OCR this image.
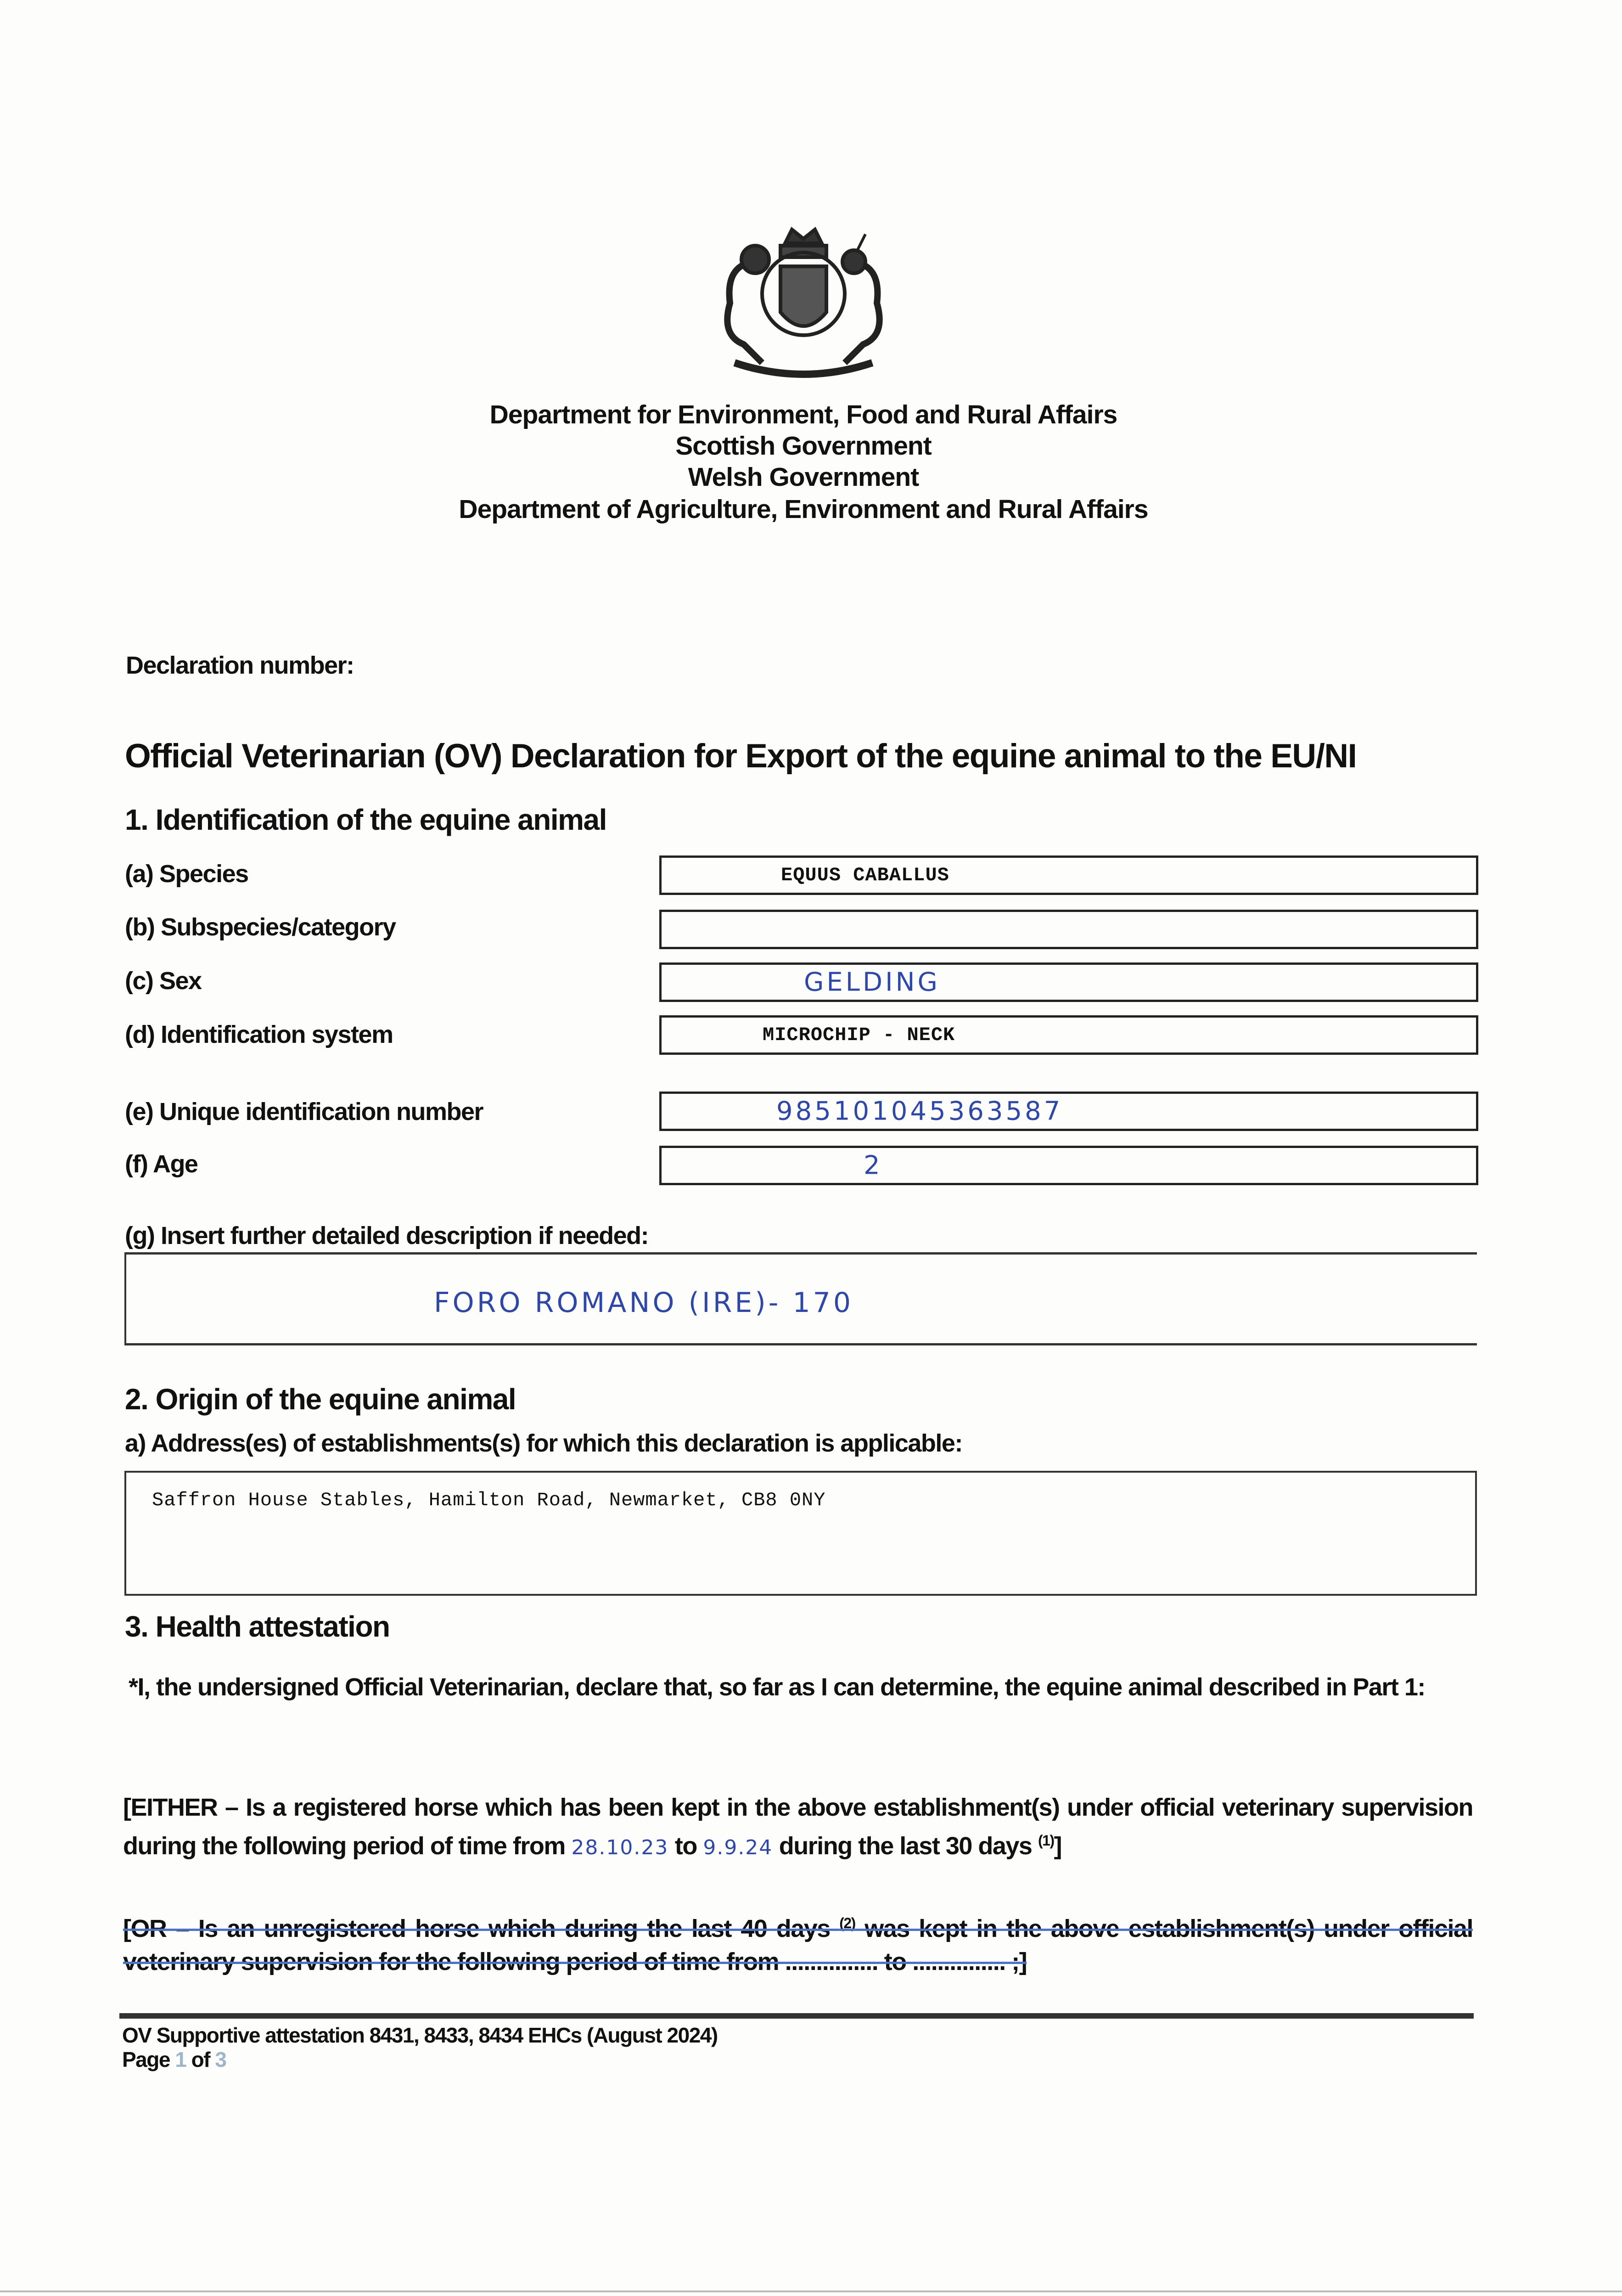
Department for Environment, Food and Rural Affairs
Scottish Government
Welsh Government
Department of Agriculture, Environment and Rural Affairs
Declaration number:
Official Veterinarian (OV) Declaration for Export of the equine animal to the EU/NI
1. Identification of the equine animal
(a) Species	EQUUS CABALLUS
(b) Subspecies/category
(c) Sex	GELDING
(d) Identification system	MICROCHIP - NECK
(e) Unique identification number	985101045363587
(f) Age	2
(g) Insert further detailed description if needed:
FORO ROMANO (IRE)- 170
2. Origin of the equine animal
a) Address(es) of establishments(s) for which this declaration is applicable:
Saffron House Stables, Hamilton Road, Newmarket, CB8 0NY
3. Health attestation
*I, the undersigned Official Veterinarian, declare that, so far as I can determine, the equine animal described in Part 1:
[EITHER – Is a registered horse which has been kept in the above establishment(s) under official veterinary supervision during the following period of time from 28.10.23 to 9.9.24 during the last 30 days $^{(1)}$]
[OR – Is an unregistered horse which during the last 40 days $^{(2)}$ was kept in the above establishment(s) under official veterinary supervision for the following period of time from ............... to ............... ;]
OV Supportive attestation 8431, 8433, 8434 EHCs (August 2024)
Page 1 of 3
